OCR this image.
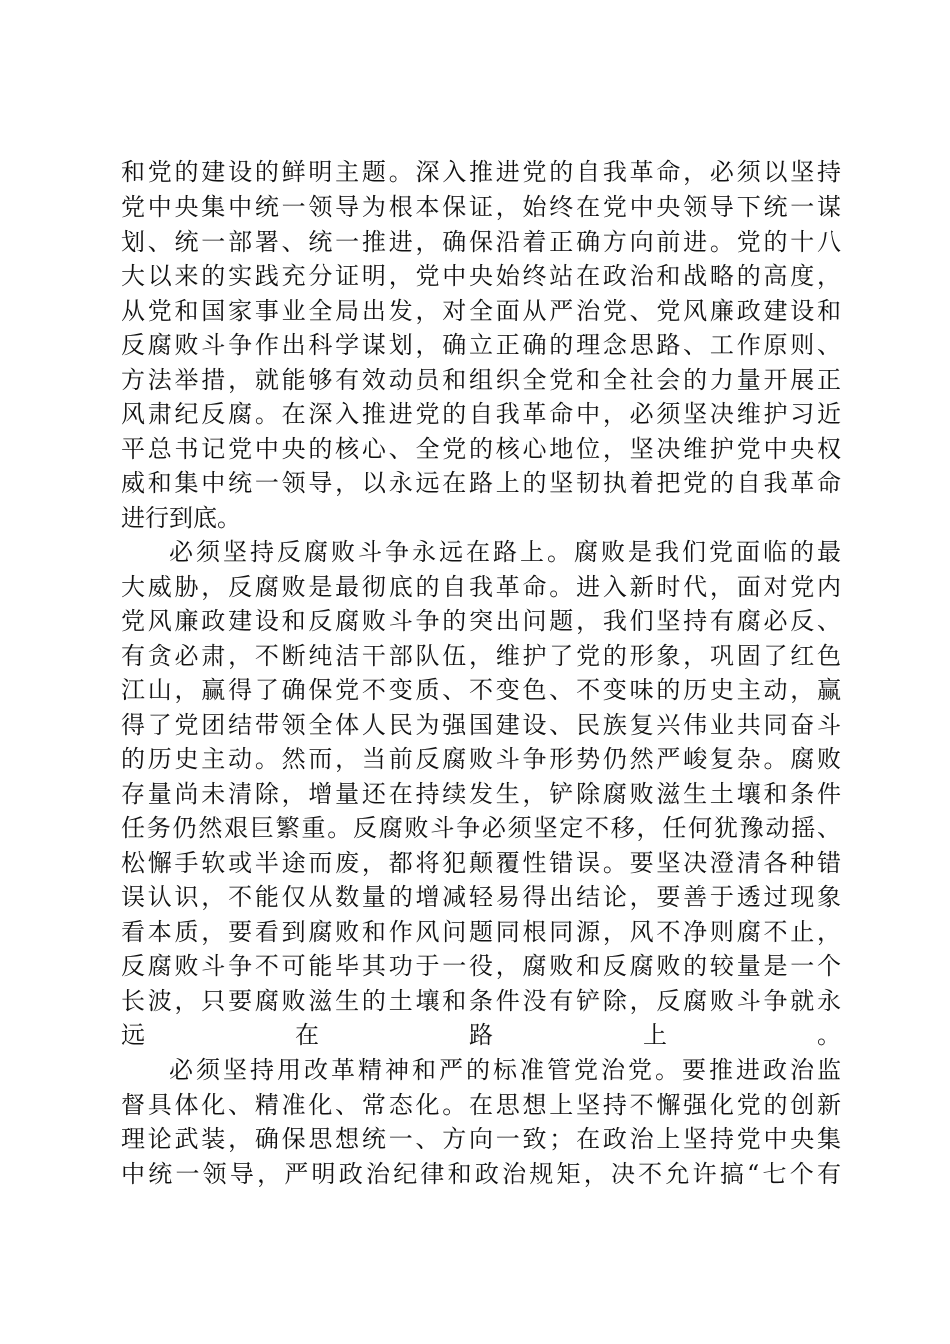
和党的建设的鲜明主题。深入推进党的自我革命，必须以坚持
党中央集中统一领导为根本保证，始终在党中央领导下统一谋
划、统一部署、统一推进，确保沿着正确方向前进。党的十八
大以来的实践充分证明，党中央始终站在政治和战略的高度，
从党和国家事业全局出发，对全面从严治党、党风廉政建设和
反腐败斗争作出科学谋划，确立正确的理念思路、工作原则、
方法举措，就能够有效动员和组织全党和全社会的力量开展正
风肃纪反腐。在深入推进党的自我革命中，必须坚决维护习近
平总书记党中央的核心、全党的核心地位，坚决维护党中央权
威和集中统一领导，以永远在路上的坚韧执着把党的自我革命
进行到底。
必须坚持反腐败斗争永远在路上。腐败是我们党面临的最
大威胁，反腐败是最彻底的自我革命。进入新时代，面对党内
党风廉政建设和反腐败斗争的突出问题，我们坚持有腐必反、
有贪必肃，不断纯洁干部队伍，维护了党的形象，巩固了红色
江山，赢得了确保党不变质、不变色、不变味的历史主动，赢
得了党团结带领全体人民为强国建设、民族复兴伟业共同奋斗
的历史主动。然而，当前反腐败斗争形势仍然严峻复杂。腐败
存量尚未清除，增量还在持续发生，铲除腐败滋生土壤和条件
任务仍然艰巨繁重。反腐败斗争必须坚定不移，任何犹豫动摇、
松懈手软或半途而废，都将犯颠覆性错误。要坚决澄清各种错
误认识，不能仅从数量的增减轻易得出结论，要善于透过现象
看本质，要看到腐败和作风问题同根同源，风不净则腐不止，
反腐败斗争不可能毕其功于一役，腐败和反腐败的较量是一个
长波，只要腐败滋生的土壤和条件没有铲除，反腐败斗争就永
远在路上。
必须坚持用改革精神和严的标准管党治党。要推进政治监
督具体化、精准化、常态化。在思想上坚持不懈强化党的创新
理论武装，确保思想统一、方向一致；在政治上坚持党中央集
中统一领导，严明政治纪律和政治规矩，决不允许搞“七个有
